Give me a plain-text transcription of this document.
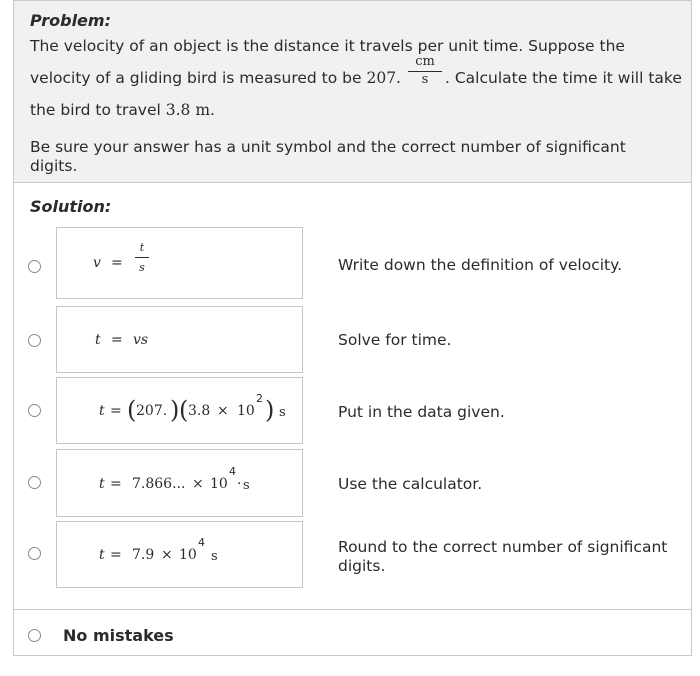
Problem:
The velocity of an object is the distance it travels per unit time. Suppose the
velocity of a gliding bird is measured to be 207.
cm
s	. Calculate the time it will take
the bird to travel 3.8 m.
Be sure your answer has a unit symbol and the correct number of significant
digits.
Solution:
v =
t
s	Write down the definition of velocity.
t = vs	Solve for time.
t = ( 207. ) ( 3.8 × 10
2 ) s	Put in the data given.
t = 7.866... × 10
4
· s	Use the calculator.
t = 7.9 × 10
4
s
Round to the correct number of significant
digits.
No mistakes
